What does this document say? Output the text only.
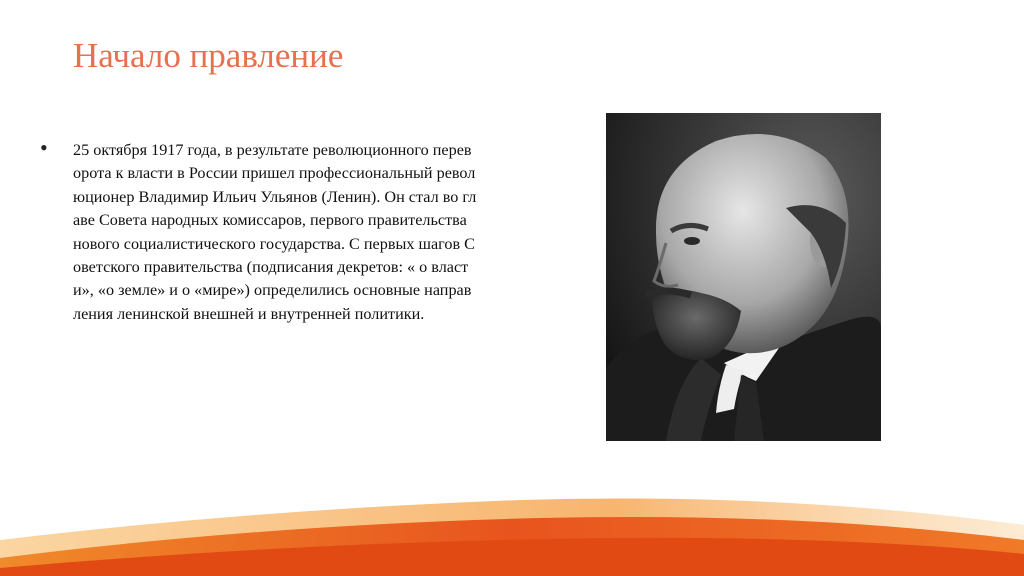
Начало правление
• 25 октября 1917 года, в результате революционного переворота к власти в России пришел профессиональный революционер Владимир Ильич Ульянов (Ленин). Он стал во главе Совета народных комиссаров, первого правительства нового социалистического государства. С первых шагов Советского правительства (подписания декретов: « о власти», «о земле» и о «мире») определились основные направления ленинской внешней и внутренней политики.
